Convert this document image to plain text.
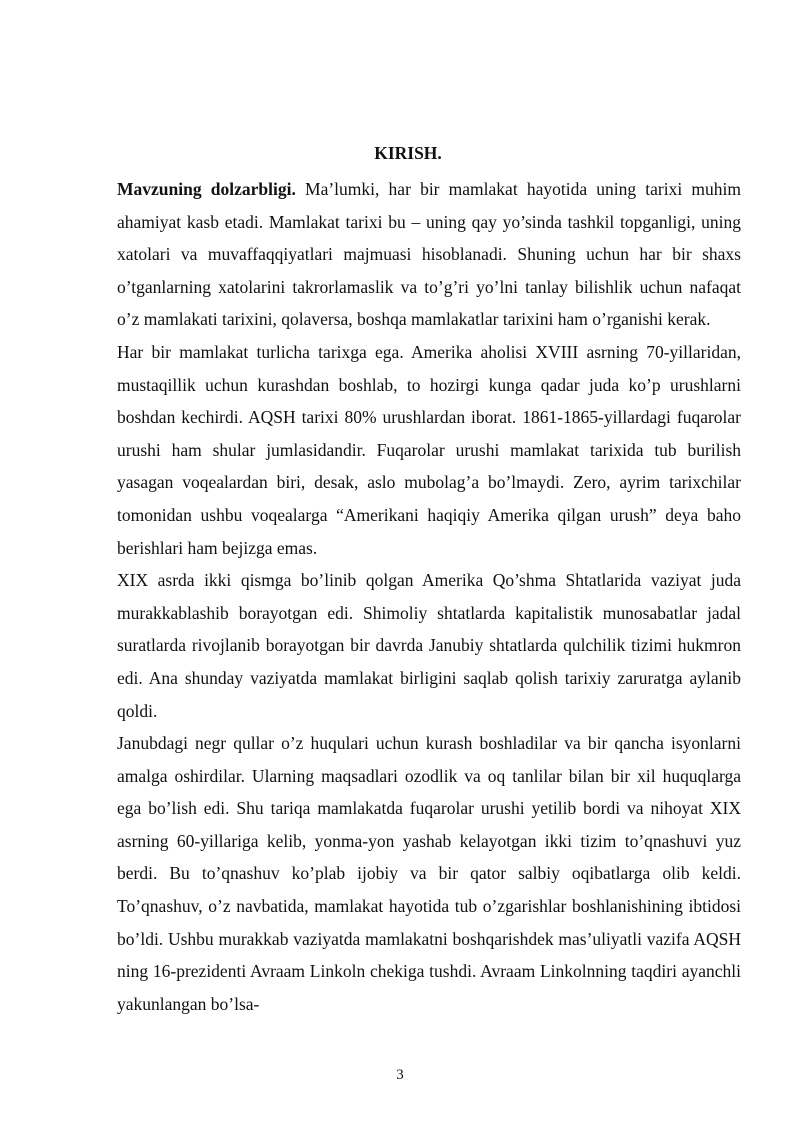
KIRISH.

Mavzuning dolzarbligi. Ma’lumki, har bir mamlakat hayotida uning tarixi muhim ahamiyat kasb etadi. Mamlakat tarixi bu – uning qay yo’sinda tashkil topganligi, uning xatolari va muvaffaqqiyatlari majmuasi hisoblanadi. Shuning uchun har bir shaxs o’tganlarning xatolarini takrorlamaslik va to’g’ri yo’lni tanlay bilishlik uchun nafaqat o’z mamlakati tarixini, qolaversa, boshqa mamlakatlar tarixini ham o’rganishi kerak.

Har bir mamlakat turlicha tarixga ega. Amerika aholisi XVIII asrning 70-yillaridan, mustaqillik uchun kurashdan boshlab, to hozirgi kunga qadar juda ko’p urushlarni boshdan kechirdi. AQSH tarixi 80% urushlardan iborat. 1861-1865-yillardagi fuqarolar urushi ham shular jumlasidandir. Fuqarolar urushi mamlakat tarixida tub burilish yasagan voqealardan biri, desak, aslo mubolag’a bo’lmaydi. Zero, ayrim tarixchilar tomonidan ushbu voqealarga “Amerikani haqiqiy Amerika qilgan urush” deya baho berishlari ham bejizga emas.

XIX asrda ikki qismga bo’linib qolgan Amerika Qo’shma Shtatlarida vaziyat juda murakkablashib borayotgan edi. Shimoliy shtatlarda kapitalistik munosabatlar jadal suratlarda rivojlanib borayotgan bir davrda Janubiy shtatlarda qulchilik tizimi hukmron edi. Ana shunday vaziyatda mamlakat birligini saqlab qolish tarixiy zaruratga aylanib qoldi.

Janubdagi negr qullar o’z huqulari uchun kurash boshladilar va bir qancha isyonlarni amalga oshirdilar. Ularning maqsadlari ozodlik va oq tanlilar bilan bir xil huquqlarga ega bo’lish edi. Shu tariqa mamlakatda fuqarolar urushi yetilib bordi va nihoyat XIX asrning 60-yillariga kelib, yonma-yon yashab kelayotgan ikki tizim to’qnashuvi yuz berdi. Bu to’qnashuv ko’plab ijobiy va bir qator salbiy oqibatlarga olib keldi. To’qnashuv, o’z navbatida, mamlakat hayotida tub o’zgarishlar boshlanishining ibtidosi bo’ldi. Ushbu murakkab vaziyatda mamlakatni boshqarishdek mas’uliyatli vazifa AQSH ning 16-prezidenti Avraam Linkoln chekiga tushdi. Avraam Linkolnning taqdiri ayanchli yakunlangan bo’lsa-

3
